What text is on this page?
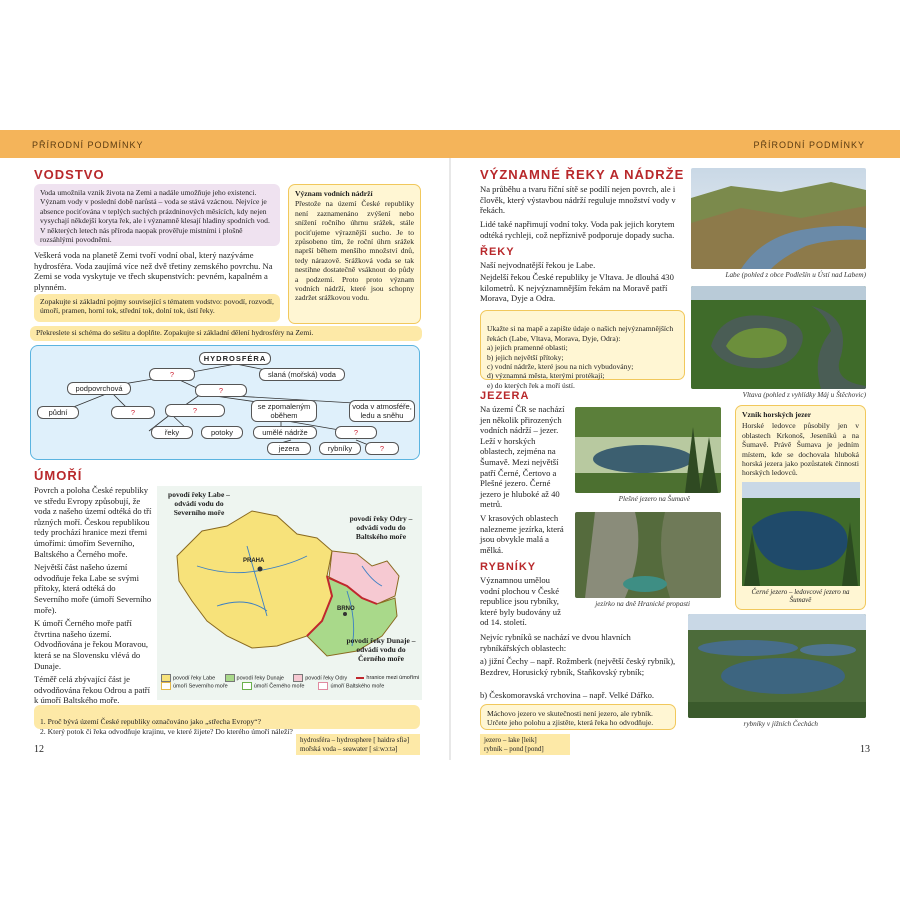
PŘÍRODNÍ PODMÍNKY	PŘÍRODNÍ PODMÍNKY
VODSTVO

Voda umožnila vznik života na Zemi a nadále umožňuje jeho existenci. Význam vody v poslední době narůstá – voda se stává vzácnou. Nejvíce je absence pociťována v teplých suchých prázdninových měsících, kdy nejen vysychají někdejší koryta řek, ale i významně klesají hladiny spodních vod. V některých letech nás příroda naopak prověřuje mistními i plošně rozsáhlými povodněmi.

Veškerá voda na planetě Zemi tvoří vodní obal, který nazýváme hydrosféra. Voda zaujímá více než dvě třetiny zemského povrchu. Na Zemi se voda vyskytuje ve třech skupenstvích: pevném, kapalném a plynném.

Význam vodních nádrží

Přestože na území České republiky není zaznamenáno zvýšení nebo snížení ročního úhrnu srážek, stále pociťujeme výraznější sucho. Je to způsobeno tím, že roční úhrn srážek naprší během menšího množství dnů, tedy nárazově. Srážková voda se tak nestihne dostatečně vsáknout do půdy a podzemí. Proto proto význam vodních nádrží, které jsou schopny zadržet srážkovou vodu.

Zopakujte si základní pojmy související s tématem vodstvo: povodí, rozvodí, úmoří, pramen, horní tok, střední tok, dolní tok, ústí řeky.

Překreslete si schéma do sešitu a doplňte. Zopakujte si základní dělení hydrosféry na Zemi.

HYDROSFÉRA
?	slaná (mořská) voda
podpovrchová	?
půdní	?	?	se zpomaleným oběhem
voda v atmosféře, ledu a sněhu
řeky	potoky	umělé nádrže	?
jezera	rybníky	?
ÚMOŘÍ

Povrch a poloha České republiky ve středu Evropy způsobují, že voda z našeho území odtéká do tří různých moří. Českou republikou tedy prochází hranice mezi třemi úmořími: úmořím Severního, Baltského a Černého moře.

Největší část našeho území odvodňuje řeka Labe se svými přítoky, která odtéká do Severního moře (úmoří Severního moře).

K úmoří Černého moře patří čtvrtina našeho území. Odvodňována je řekou Moravou, která se na Slovensku vlévá do Dunaje.

Téměř celá zbývající část je odvodňována řekou Odrou a patří k úmoří Baltského moře.

PRAHA
BRNO
povodí řeky Labe – odvádí vodu do Severního moře
povodí řeky Odry – odvádí vodu do Baltského moře
povodí řeky Dunaje – odvádí vodu do Černého moře
povodí řeky Labe	povodí řeky Dunaje	povodí řeky Odry	hranice mezi úmořími
úmoří Severního moře	úmoří Černého moře	úmoří Baltského moře

1. Proč bývá území České republiky označováno jako „střecha Evropy“?
2. Který potok či řeka odvodňuje krajinu, ve které žijete? Do kterého úmoří náleží?

12
hydrosféra – hydrosphere [ haidrə sfiə]
mořská voda – seawater [ siːwɔːtə]
VÝZNAMNÉ ŘEKY A NÁDRŽE

Na průběhu a tvaru říční sítě se podílí nejen povrch, ale i člověk, který výstavbou nádrží reguluje množství vody v řekách.

Lidé také napřimují vodní toky. Voda pak jejich korytem odtéká rychleji, což nepříznivě podporuje dopady sucha.

ŘEKY

Naší nejvodnatější řekou je Labe.

Nejdelší řekou České republiky je Vltava. Je dlouhá 430 kilometrů. K nejvýznamnějším řekám na Moravě patří Morava, Dyje a Odra.

Ukažte si na mapě a zapište údaje o našich nejvýznamnějších řekách (Labe, Vltava, Morava, Dyje, Odra):
a) jejich pramenné oblasti;
b) jejich největší přítoky;
c) vodní nádrže, které jsou na nich vybudovány;
d) významná města, kterými protékají;
e) do kterých řek a moří ústí.

Labe (pohled z obce Podlešín u Ústí nad Labem)
Vltava (pohled z vyhlídky Máj u Štěchovic)
JEZERA

Na území ČR se nachází jen několik přirozených vodních nádrží – jezer. Leží v horských oblastech, zejména na Šumavě. Mezi největší patří Černé, Čertovo a Plešné jezero. Černé jezero je hluboké až 40 metrů.

V krasových oblastech nalezneme jezírka, která jsou obvykle malá a mělká.

Plešné jezero na Šumavě
jezírko na dně Hranické propasti

Vznik horských jezer

Horské ledovce působily jen v oblastech Krkonoš, Jeseníků a na Šumavě. Právě Šumava je jedním místem, kde se dochovala hluboká horská jezera jako pozůstatek činnosti horských ledovců.

Černé jezero – ledovcové jezero na Šumavě
RYBNÍKY

Významnou umělou vodní plochou v České republice jsou rybníky, které byly budovány už od 14. století.

Nejvíc rybníků se nachází ve dvou hlavních rybníkářských oblastech:

a) jižní Čechy – např. Rožmberk (největší český rybník), Bezdrev, Horusický rybník, Staňkovský rybník;

b) Českomoravská vrchovina – např. Velké Dářko.

Máchovo jezero ve skutečnosti není jezero, ale rybník. Určete jeho polohu a zjistěte, která řeka ho odvodňuje.	rybníky v jižních Čechách
jezero – lake [leik]
rybník – pond [pond]	13
